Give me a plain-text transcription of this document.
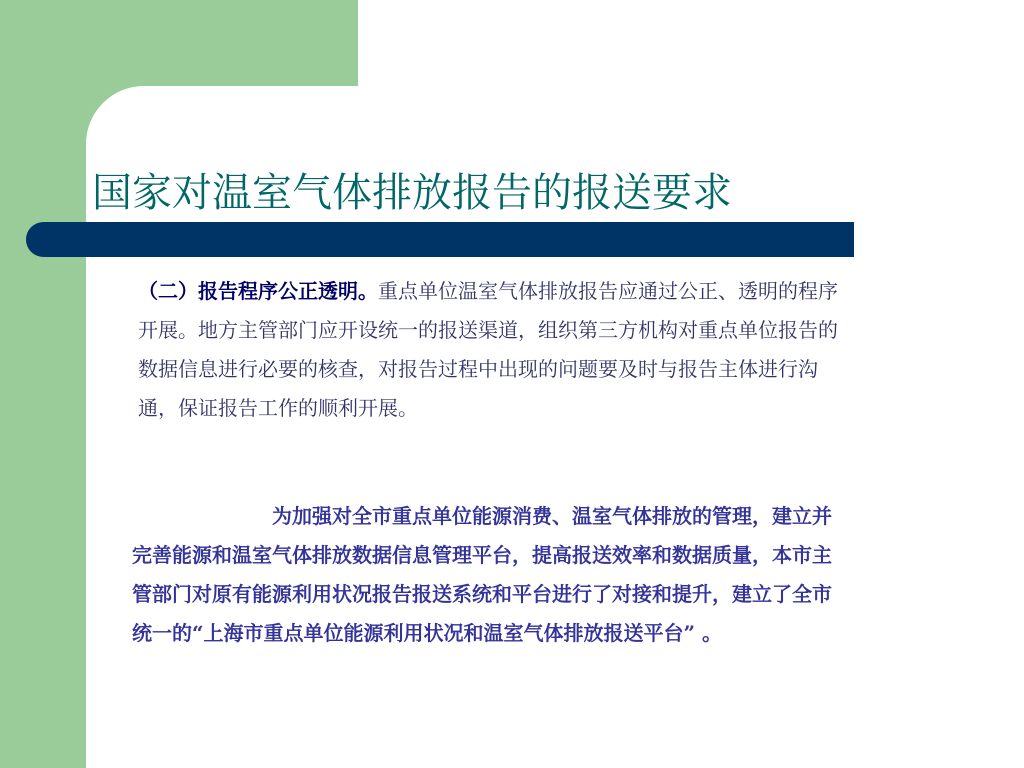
国家对温室气体排放报告的报送要求

（二）报告程序公正透明。重点单位温室气体排放报告应通过公正、透明的程序开展。地方主管部门应开设统一的报送渠道，组织第三方机构对重点单位报告的数据信息进行必要的核查，对报告过程中出现的问题要及时与报告主体进行沟通，保证报告工作的顺利开展。

为加强对全市重点单位能源消费、温室气体排放的管理，建立并完善能源和温室气体排放数据信息管理平台，提高报送效率和数据质量，本市主管部门对原有能源利用状况报告报送系统和平台进行了对接和提升，建立了全市统一的“上海市重点单位能源利用状况和温室气体排放报送平台” 。
